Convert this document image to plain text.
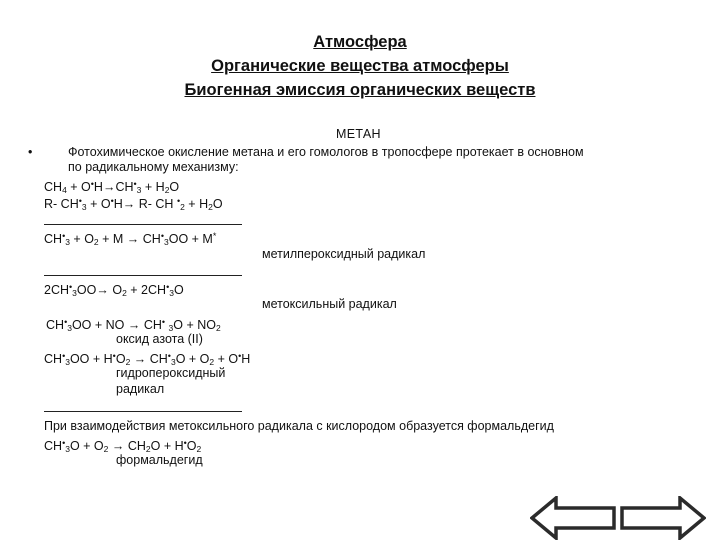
Атмосфера
Органические вещества атмосферы
Биогенная эмиссия органических веществ
МЕТАН
•	Фотохимическое окисление метана и его гомологов в тропосфере протекает в основном
по радикальному механизму:
$CH_4 + O^•H\to CH^•_3 + H_2O$
R- $CH^•_3 + O^•H\to R-$ CH $^•_2 + H_2O$
$CH^•_3 + O_2 + M \to CH^•_3OO + M^*$
метилпероксидный радикал
$2CH^•_3OO\to O_2 + 2CH^•_3O$
метоксильный радикал
$CH^•_3OO$ + NO → CH• $_3O + NO_2$
оксид азота (II)
$CH^•_3OO + H^•O_2 \to CH^•_3O + O_2 + O^•H$
гидропероксидный
радикал
При взаимодействия метоксильного радикала с кислородом образуется формальдегид
$CH^•_3O + O_2 \to CH_2O + H^•O_2$
формальдегид
